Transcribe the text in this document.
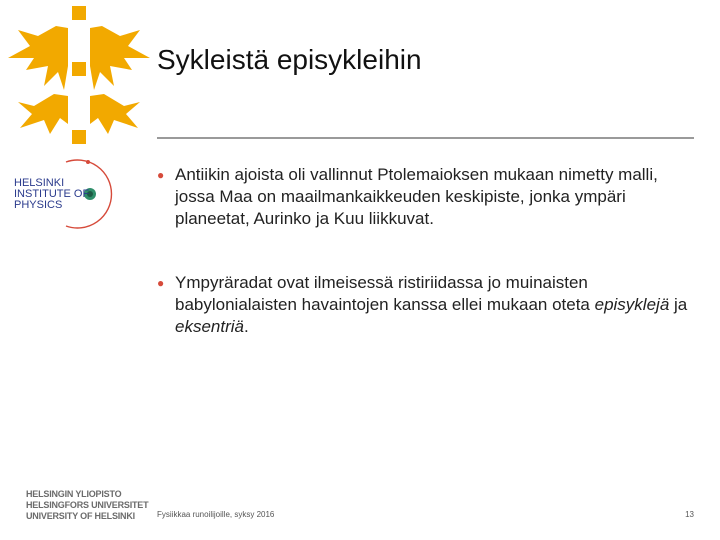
Sykleistä episykleihin
HELSINKI
INSTITUTE OF
PHYSICS
● Antiikin ajoista oli vallinnut Ptolemaioksen mukaan nimetty malli, jossa Maa on maailmankaikkeuden keskipiste, jonka ympäri planeetat, Aurinko ja Kuu liikkuvat.
● Ympyräradat ovat ilmeisessä ristiriidassa jo muinaisten babylonialaisten havaintojen kanssa ellei mukaan oteta episyklejä ja eksentriä.
HELSINGIN YLIOPISTO
HELSINGFORS UNIVERSITET
UNIVERSITY OF HELSINKI	Fysiikkaa runoilijoille, syksy 2016	13
